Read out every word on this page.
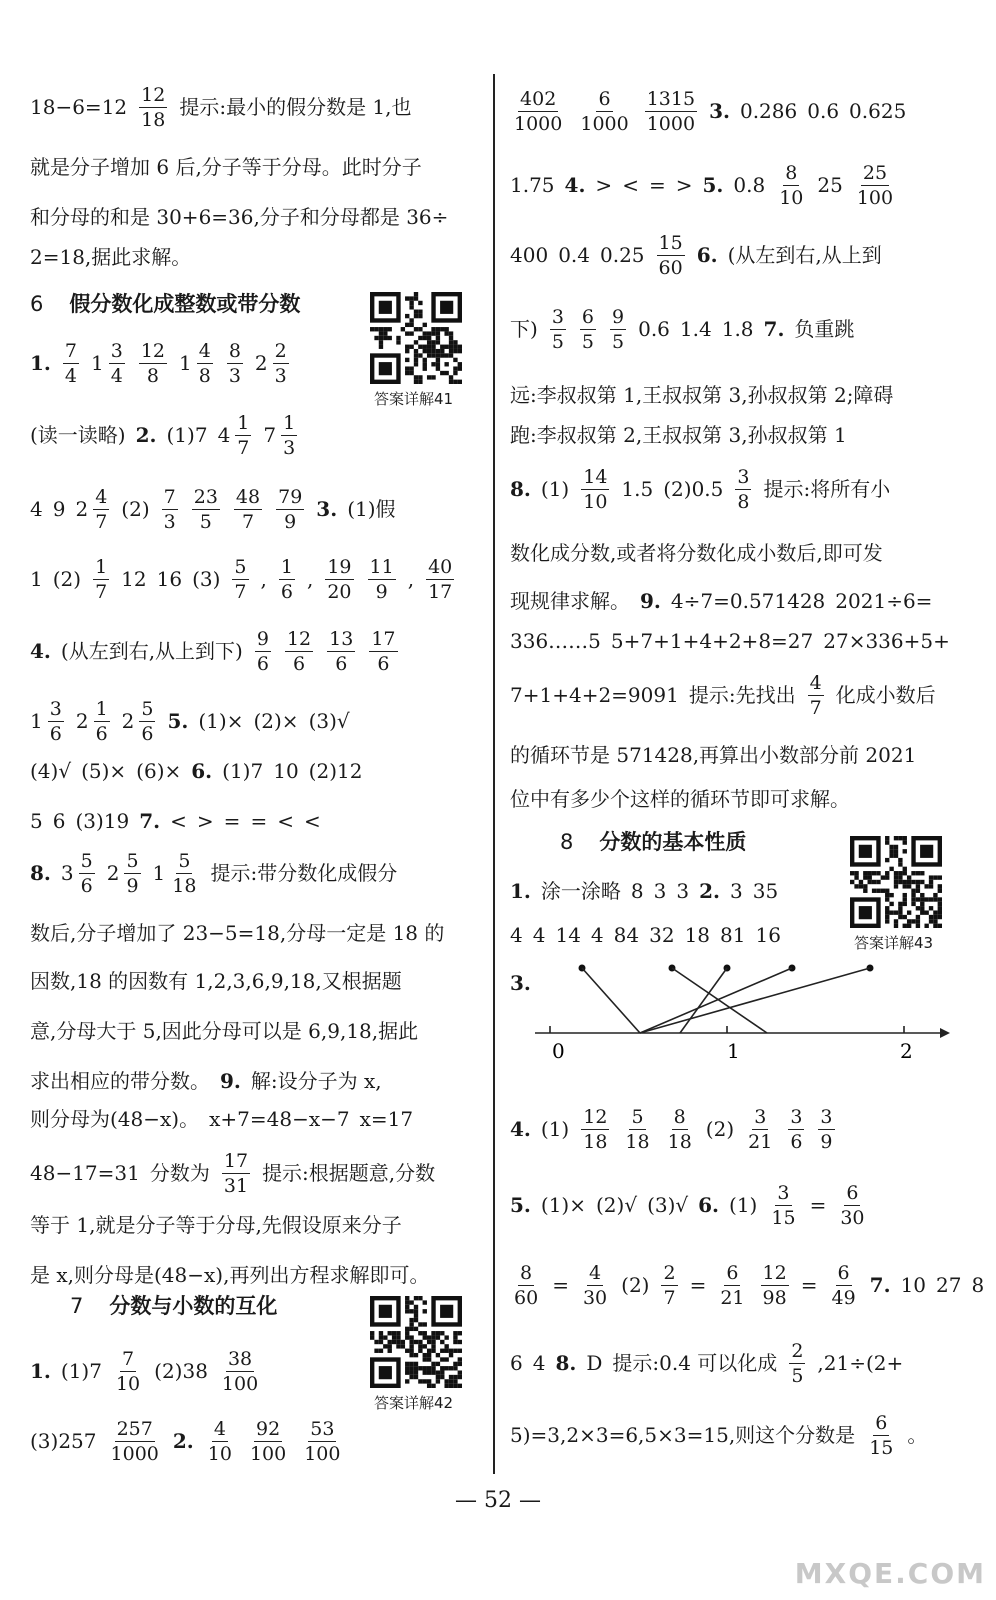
$18-6=12 \frac{12}{18}$ 提示:最小的假分数是 1,也
就是分子增加 6 后,分子等于分母。此时分子
和分母的和是 30+6=36,分子和分母都是 36÷
2=18,据此求解。
6 假分数化成整数或带分数
答案详解41
1. $\frac{7}{4} 1 \frac{3}{4} \frac{12}{8} 1 \frac{4}{8} \frac{8}{3} 2 \frac{2}{3}$
(读一读略) 2. (1)7 $4 \frac{1}{7} 7 \frac{1}{3}$
4 9 $2 \frac{4}{7} (2) \frac{7}{3} \frac{23}{5} \frac{48}{7} \frac{79}{9} 3$. (1)假
1 $(2) \frac{1}{7} 12$ 16 $(3) \frac{5}{7}$ , $\frac{1}{6}$ , $\frac{19}{20} \frac{11}{9}$ , $\frac{40}{17}$
4. (从左到右,从上到下) $\frac{9}{6} \frac{12}{6} \frac{13}{6} \frac{17}{6}$
$1 \frac{3}{6} 2 \frac{1}{6} 2 \frac{5}{6} 5$. (1)× (2)× (3)√
(4)√ (5)× (6)× 6. (1)7 10 (2)12
5 6 (3)19 7. < > = = < <
8. $3 \frac{5}{6} 2 \frac{5}{9} 1 \frac{5}{18}$ 提示:带分数化成假分
数后,分子增加了 23−5=18,分母一定是 18 的
因数,18 的因数有 1,2,3,6,9,18,又根据题
意,分母大于 5,因此分母可以是 6,9,18,据此
求出相应的带分数。 9. 解:设分子为 x,
则分母为(48−x)。 x+7=48−x−7 x=17
48−17=31 分数为 $\frac{17}{31}$ 提示:根据题意,分数
等于 1,就是分子等于分母,先假设原来分子
是 x,则分母是(48−x),再列出方程求解即可。
7 分数与小数的互化
答案详解42
1. $(1)7 \frac{7}{10} (2)38 \frac{38}{100}$
$(3)257 \frac{257}{1000} 2$. $\frac{4}{10} \frac{92}{100} \frac{53}{100}$
$\frac{402}{1000} \frac{6}{1000} \frac{1315}{1000} 3$. 0.286 0.6 0.625
1.75 4. > < = > 5. $0.8 \frac{8}{10} 25 \frac{25}{100}$
400 0.4 $0.25 \frac{15}{60} 6$. (从左到右,从上到
下) $\frac{3}{5} \frac{6}{5} \frac{9}{5} 0.6$ 1.4 1.8 7. 负重跳
远:李叔叔第 1,王叔叔第 3,孙叔叔第 2;障碍
跑:李叔叔第 2,王叔叔第 3,孙叔叔第 1
8. $(1) \frac{14}{10} 1.5$ $(2)0.5 \frac{3}{8}$ 提示:将所有小
数化成分数,或者将分数化成小数后,即可发
现规律求解。 9. 4÷7=0.571428 2021÷6=
336……5 5+7+1+4+2+8=27 27×336+5+
7+1+4+2=9091 提示:先找出 $\frac{4}{7}$ 化成小数后
的循环节是 571428,再算出小数部分前 2021
位中有多少个这样的循环节即可求解。
8 分数的基本性质
答案详解43
1. 涂一涂略 8 3 3 2. 3 35
4 4 14 4 84 32 18 81 16
3.
0	1	2
4. $(1) \frac{12}{18} \frac{5}{18} \frac{8}{18} (2) \frac{3}{21} \frac{3}{6} \frac{3}{9}$
5. (1)× (2)√ (3)√ 6. $(1) \frac{3}{15} = \frac{6}{30}$
$\frac{8}{60} = \frac{4}{30} (2) \frac{2}{7} = \frac{6}{21} \frac{12}{98} = \frac{6}{49} 7$. 10 27 8
6 4 8. D 提示:0.4 可以化成 $\frac{2}{5} ,21\div(2+$
5)=3,2×3=6,5×3=15,则这个分数是 $\frac{6}{15}$ 。
— 52 —
MXQE.COM
